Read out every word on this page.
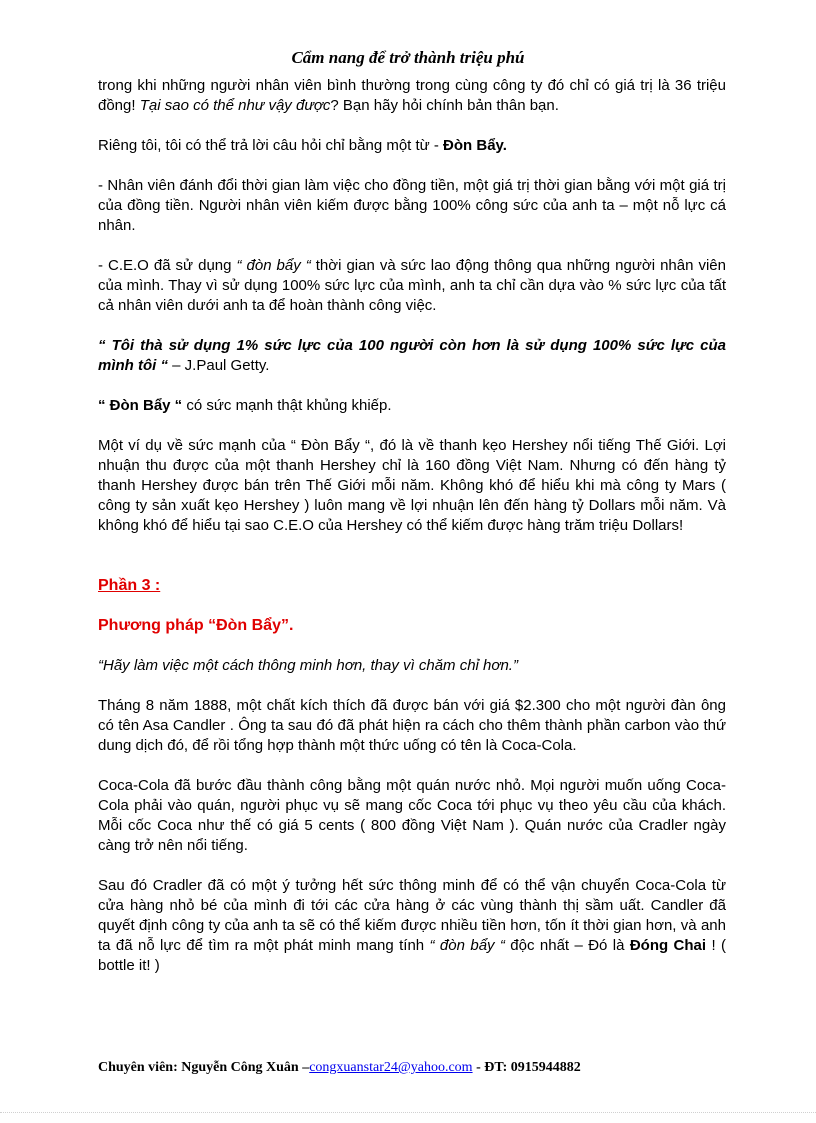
Cẩm nang để trở thành triệu phú

trong khi những người nhân viên bình thường trong cùng công ty đó chỉ có giá trị là 36 triệu đồng! Tại sao có thể như vậy được? Bạn hãy hỏi chính bản thân bạn.

Riêng tôi, tôi có thể trả lời câu hỏi chỉ bằng một từ - Đòn Bẩy.

- Nhân viên đánh đổi thời gian làm việc cho đồng tiền, một giá trị thời gian bằng với một giá trị của đồng tiền. Người nhân viên kiếm được bằng 100% công sức của anh ta – một nỗ lực cá nhân.

- C.E.O đã sử dụng “ đòn bẩy “ thời gian và sức lao động thông qua những người nhân viên của mình. Thay vì sử dụng 100% sức lực của mình, anh ta chỉ cần dựa vào % sức lực của tất cả nhân viên dưới anh ta để hoàn thành công việc.

“ Tôi thà sử dụng 1% sức lực của 100 người còn hơn là sử dụng 100% sức lực của mình tôi “ – J.Paul Getty.

“ Đòn Bẩy “ có sức mạnh thật khủng khiếp.

Một ví dụ về sức mạnh của “ Đòn Bẩy “, đó là về thanh kẹo Hershey nổi tiếng Thế Giới. Lợi nhuận thu được của một thanh Hershey chỉ là 160 đồng Việt Nam. Nhưng có đến hàng tỷ thanh Hershey được bán trên Thế Giới mỗi năm. Không khó để hiểu khi mà công ty Mars ( công ty sản xuất kẹo Hershey ) luôn mang về lợi nhuận lên đến hàng tỷ Dollars mỗi năm. Và không khó để hiểu tại sao C.E.O của Hershey có thể kiếm được hàng trăm triệu Dollars!

Phần 3 :

Phương pháp “Đòn Bẩy”.

“Hãy làm việc một cách thông minh hơn, thay vì chăm chỉ hơn.”

Tháng 8 năm 1888, một chất kích thích đã được bán với giá $2.300 cho một người đàn ông có tên Asa Candler . Ông ta sau đó đã phát hiện ra cách cho thêm thành phần carbon vào thứ dung dịch đó, để rồi tổng hợp thành một thức uống có tên là Coca-Cola.

Coca-Cola đã bước đầu thành công bằng một quán nước nhỏ. Mọi người muốn uống Coca-Cola phải vào quán, người phục vụ sẽ mang cốc Coca tới phục vụ theo yêu cầu của khách. Mỗi cốc Coca như thế có giá 5 cents ( 800 đồng Việt Nam ). Quán nước của Cradler ngày càng trở nên nổi tiếng.

Sau đó Cradler đã có một ý tưởng hết sức thông minh để có thể vận chuyển Coca-Cola từ cửa hàng nhỏ bé của mình đi tới các cửa hàng ở các vùng thành thị sầm uất. Candler đã quyết định công ty của anh ta sẽ có thể kiếm được nhiều tiền hơn, tốn ít thời gian hơn, và anh ta đã nỗ lực để tìm ra một phát minh mang tính “ đòn bẩy “ độc nhất – Đó là Đóng Chai ! ( bottle it! )

Chuyên viên: Nguyễn Công Xuân –congxuanstar24@yahoo.com - ĐT: 0915944882
